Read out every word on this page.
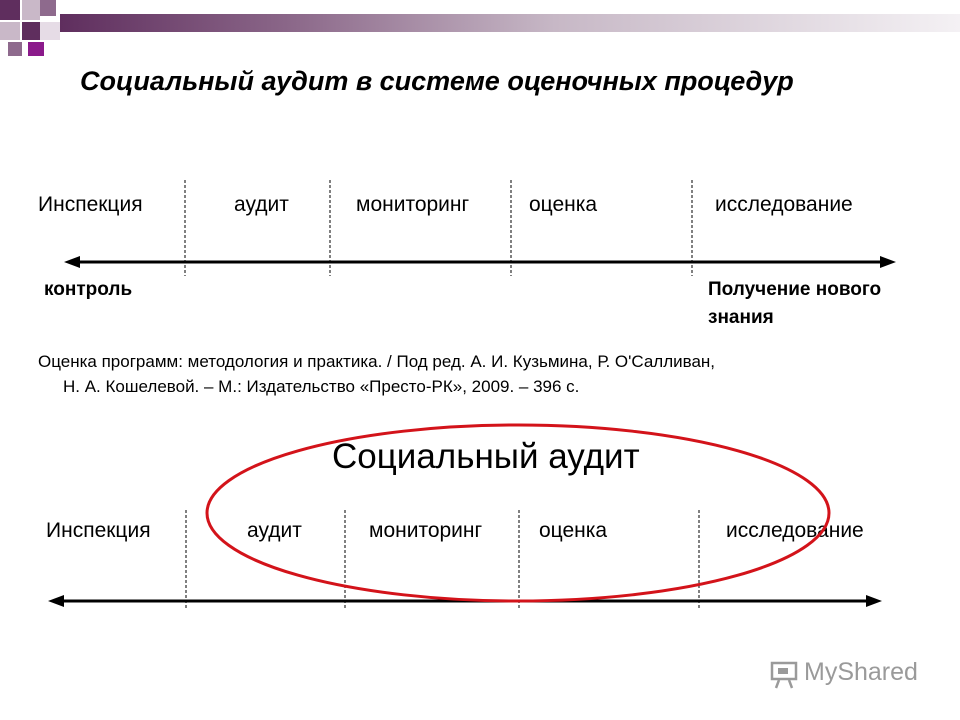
Социальный аудит в системе оценочных процедур
Инспекция	аудит	мониторинг	оценка	исследование
контроль	Получение нового
знания
Оценка программ: методология и практика. / Под ред. А. И. Кузьмина, Р. О'Салливан,
Н. А. Кошелевой. – М.: Издательство «Престо-РК», 2009. – 396 с.
Социальный аудит
Инспекция	аудит	мониторинг	оценка	исследование
MyShared
